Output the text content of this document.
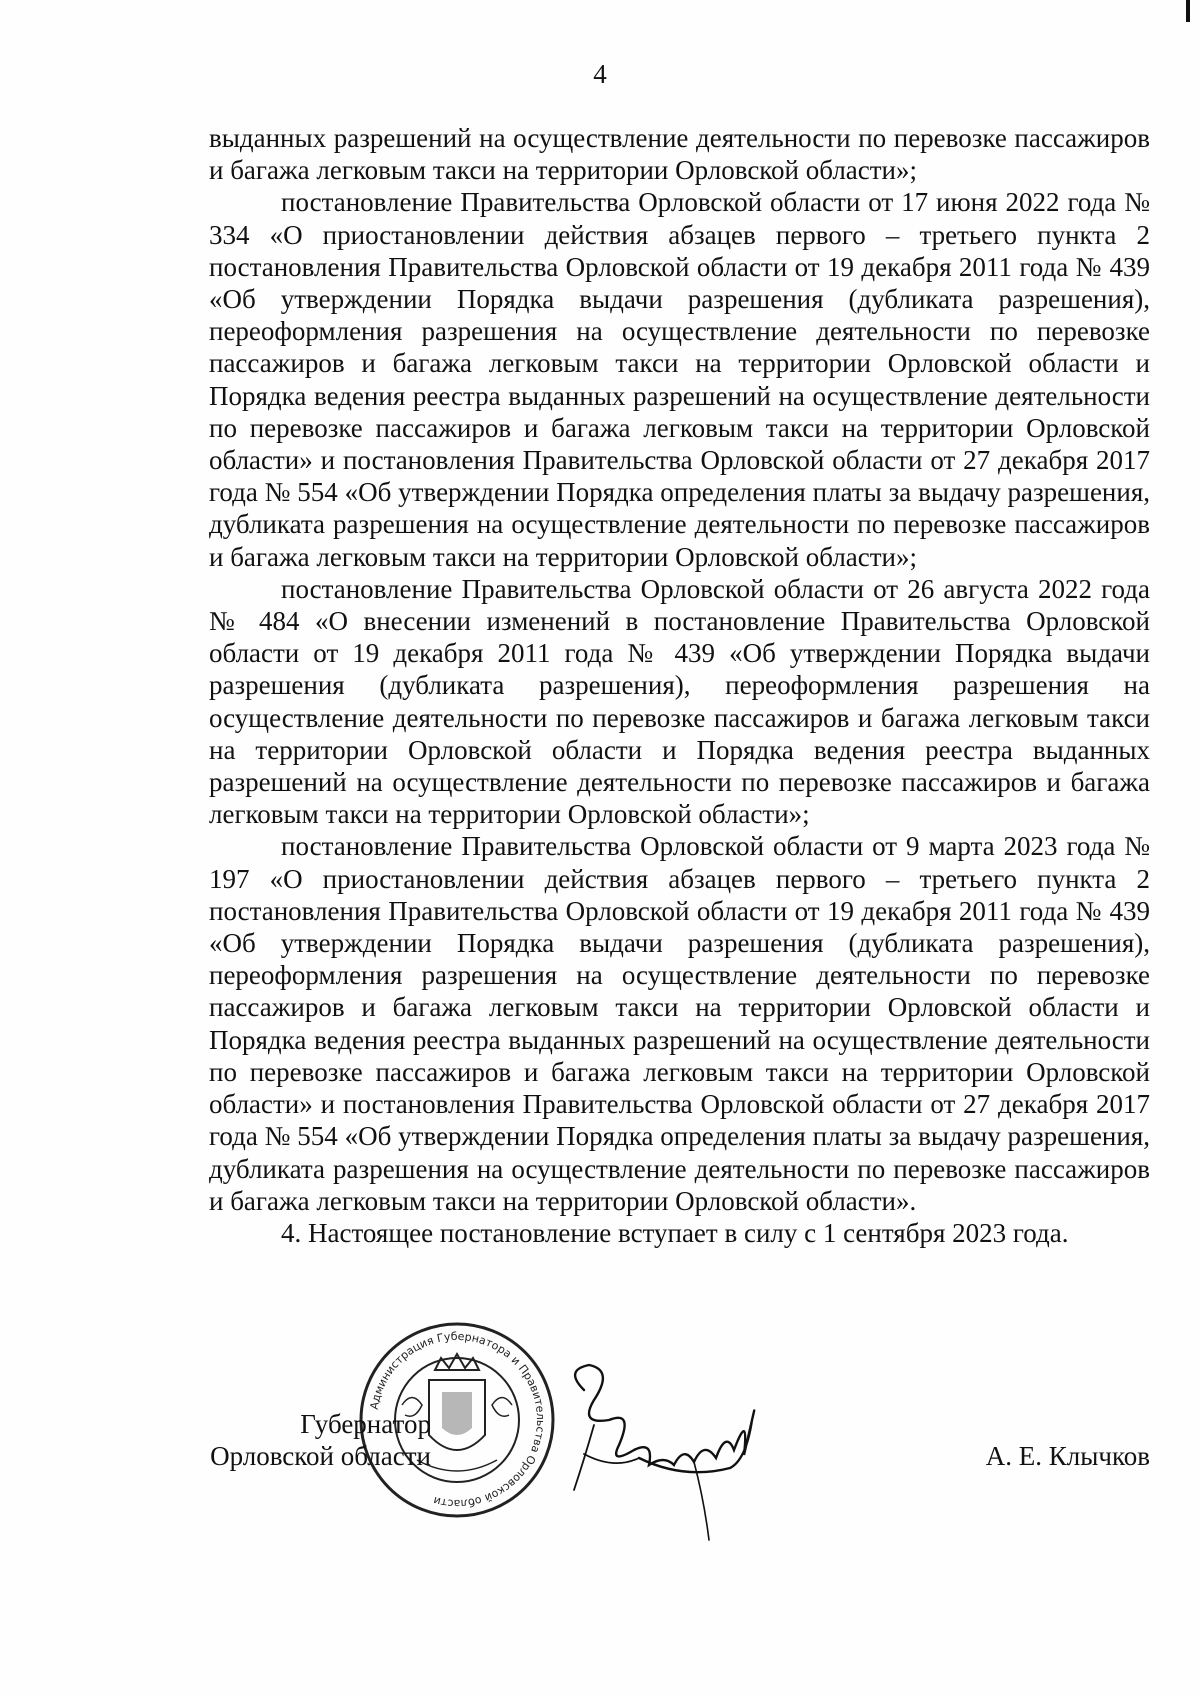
4

выданных разрешений на осуществление деятельности по перевозке пассажиров и багажа легковым такси на территории Орловской области»;

постановление Правительства Орловской области от 17 июня 2022 года № 334 «О приостановлении действия абзацев первого – третьего пункта 2 постановления Правительства Орловской области от 19 декабря 2011 года № 439 «Об утверждении Порядка выдачи разрешения (дубликата разрешения), переоформления разрешения на осуществление деятельности по перевозке пассажиров и багажа легковым такси на территории Орловской области и Порядка ведения реестра выданных разрешений на осуществление деятельности по перевозке пассажиров и багажа легковым такси на территории Орловской области» и постановления Правительства Орловской области от 27 декабря 2017 года № 554 «Об утверждении Порядка определения платы за выдачу разрешения, дубликата разрешения на осуществление деятельности по перевозке пассажиров и багажа легковым такси на территории Орловской области»;

постановление Правительства Орловской области от 26 августа 2022 года № 484 «О внесении изменений в постановление Правительства Орловской области от 19 декабря 2011 года № 439 «Об утверждении Порядка выдачи разрешения (дубликата разрешения), переоформления разрешения на осуществление деятельности по перевозке пассажиров и багажа легковым такси на территории Орловской области и Порядка ведения реестра выданных разрешений на осуществление деятельности по перевозке пассажиров и багажа легковым такси на территории Орловской области»;

постановление Правительства Орловской области от 9 марта 2023 года № 197 «О приостановлении действия абзацев первого – третьего пункта 2 постановления Правительства Орловской области от 19 декабря 2011 года № 439 «Об утверждении Порядка выдачи разрешения (дубликата разрешения), переоформления разрешения на осуществление деятельности по перевозке пассажиров и багажа легковым такси на территории Орловской области и Порядка ведения реестра выданных разрешений на осуществление деятельности по перевозке пассажиров и багажа легковым такси на территории Орловской области» и постановления Правительства Орловской области от 27 декабря 2017 года № 554 «Об утверждении Порядка определения платы за выдачу разрешения, дубликата разрешения на осуществление деятельности по перевозке пассажиров и багажа легковым такси на территории Орловской области».

4. Настоящее постановление вступает в силу с 1 сентября 2023 года.

Администрация Губернатора и Правительства Орловской области
Губернатор
Орловской области	А. Е. Клычков
